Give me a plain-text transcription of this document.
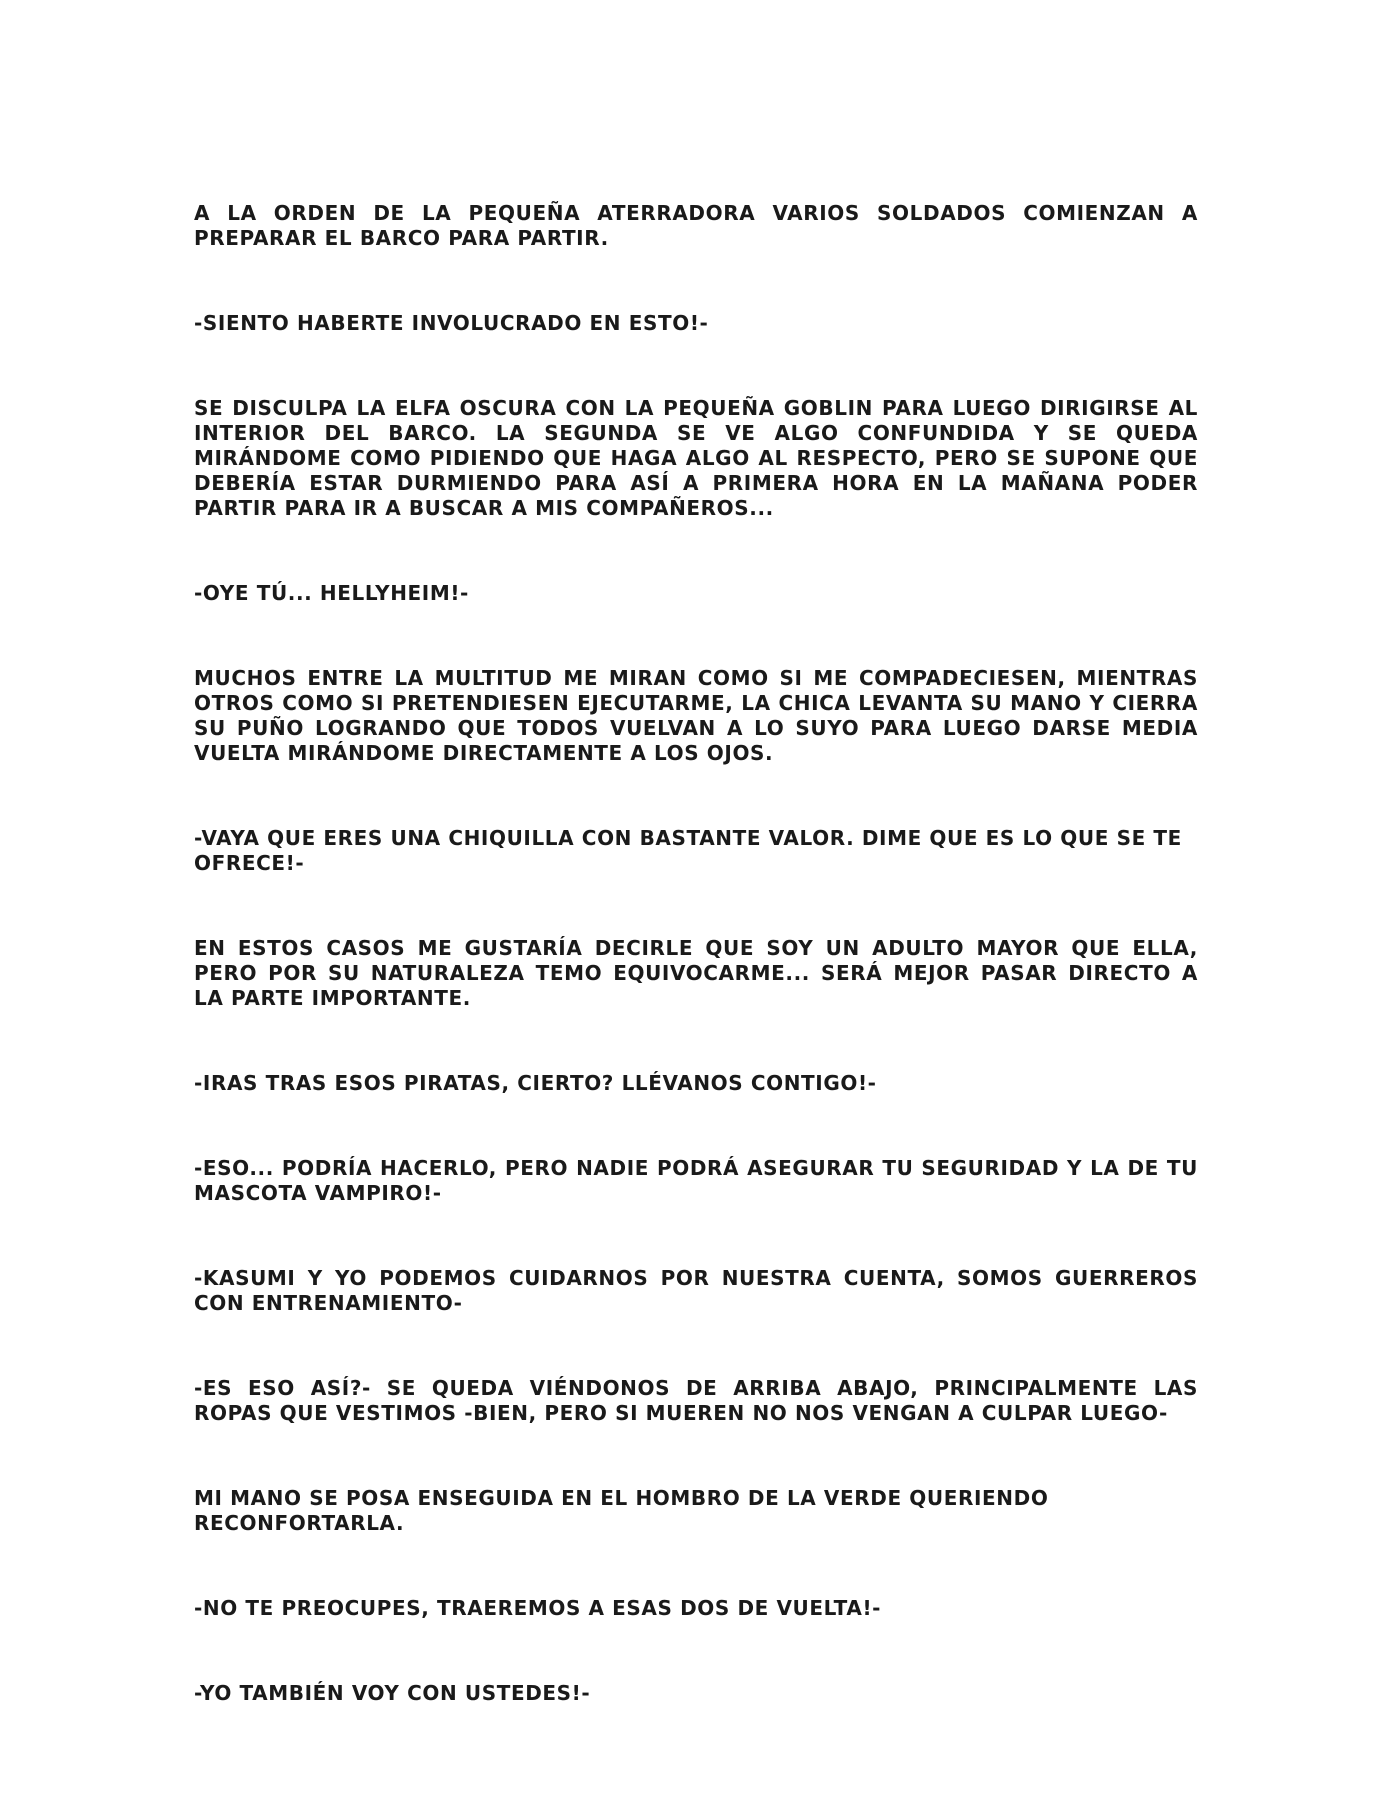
A LA ORDEN DE LA PEQUEÑA ATERRADORA VARIOS SOLDADOS COMIENZAN A PREPARAR EL BARCO PARA PARTIR.

-SIENTO HABERTE INVOLUCRADO EN ESTO!-

SE DISCULPA LA ELFA OSCURA CON LA PEQUEÑA GOBLIN PARA LUEGO DIRIGIRSE AL INTERIOR DEL BARCO. LA SEGUNDA SE VE ALGO CONFUNDIDA Y SE QUEDA MIRÁNDOME COMO PIDIENDO QUE HAGA ALGO AL RESPECTO, PERO SE SUPONE QUE DEBERÍA ESTAR DURMIENDO PARA ASÍ A PRIMERA HORA EN LA MAÑANA PODER PARTIR PARA IR A BUSCAR A MIS COMPAÑEROS...

-OYE TÚ... HELLYHEIM!-

MUCHOS ENTRE LA MULTITUD ME MIRAN COMO SI ME COMPADECIESEN, MIENTRAS OTROS COMO SI PRETENDIESEN EJECUTARME, LA CHICA LEVANTA SU MANO Y CIERRA SU PUÑO LOGRANDO QUE TODOS VUELVAN A LO SUYO PARA LUEGO DARSE MEDIA VUELTA MIRÁNDOME DIRECTAMENTE A LOS OJOS.

-VAYA QUE ERES UNA CHIQUILLA CON BASTANTE VALOR. DIME QUE ES LO QUE SE TE OFRECE!-

EN ESTOS CASOS ME GUSTARÍA DECIRLE QUE SOY UN ADULTO MAYOR QUE ELLA, PERO POR SU NATURALEZA TEMO EQUIVOCARME... SERÁ MEJOR PASAR DIRECTO A LA PARTE IMPORTANTE.

-IRAS TRAS ESOS PIRATAS, CIERTO? LLÉVANOS CONTIGO!-

-ESO... PODRÍA HACERLO, PERO NADIE PODRÁ ASEGURAR TU SEGURIDAD Y LA DE TU MASCOTA VAMPIRO!-

-KASUMI Y YO PODEMOS CUIDARNOS POR NUESTRA CUENTA, SOMOS GUERREROS CON ENTRENAMIENTO-

-ES ESO ASÍ?- SE QUEDA VIÉNDONOS DE ARRIBA ABAJO, PRINCIPALMENTE LAS ROPAS QUE VESTIMOS -BIEN, PERO SI MUEREN NO NOS VENGAN A CULPAR LUEGO-

MI MANO SE POSA ENSEGUIDA EN EL HOMBRO DE LA VERDE QUERIENDO RECONFORTARLA.

-NO TE PREOCUPES, TRAEREMOS A ESAS DOS DE VUELTA!-

-YO TAMBIÉN VOY CON USTEDES!-
